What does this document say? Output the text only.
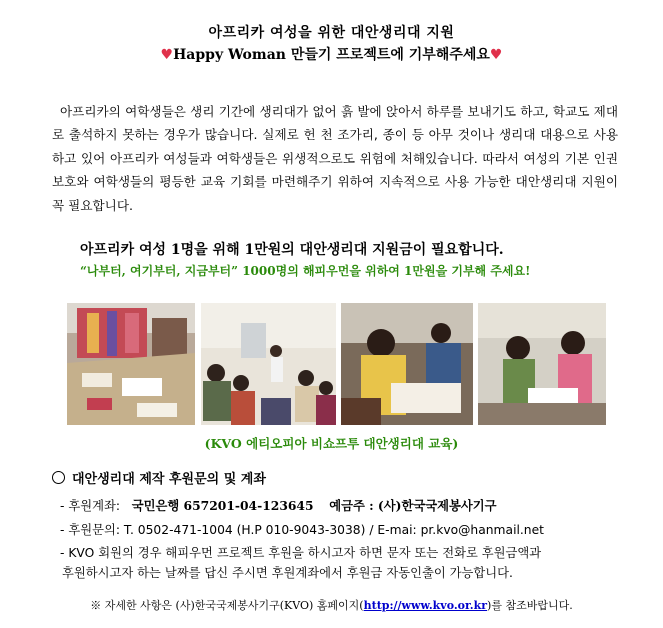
아프리카 여성을 위한 대안생리대 지원
♥Happy Woman 만들기 프로젝트에 기부해주세요♥
아프리카의 여학생들은 생리 기간에 생리대가 없어 흙 발에 앉아서 하루를 보내기도 하고, 학교도 제대로 출석하지 못하는 경우가 많습니다. 실제로 헌 천 조가리, 종이 등 아무 것이나 생리대 대용으로 사용하고 있어 아프리카 여성들과 여학생들은 위생적으로도 위험에 처해있습니다. 따라서 여성의 기본 인권 보호와 여학생들의 평등한 교육 기회를 마련해주기 위하여 지속적으로 사용 가능한 대안생리대 지원이 꼭 필요합니다.
아프리카 여성 1명을 위해 1만원의 대안생리대 지원금이 필요합니다.
“나부터, 여기부터, 지금부터” 1000명의 해피우먼을 위하여 1만원을 기부해 주세요!
(KVO 에티오피아 비쇼프투 대안생리대 교육)
대안생리대 제작 후원문의 및 계좌
- 후원계좌: 국민은행 657201-04-123645 예금주 : (사)한국국제봉사기구
- 후원문의: T. 0502-471-1004 (H.P 010-9043-3038) / E-mai: pr.kvo@hanmail.net
- KVO 회원의 경우 해피우먼 프로젝트 후원을 하시고자 하면 문자 또는 전화로 후원금액과
후원하시고자 하는 날짜를 답신 주시면 후원계좌에서 후원금 자동인출이 가능합니다.
※ 자세한 사항은 (사)한국국제봉사기구(KVO) 홈페이지(http://www.kvo.or.kr)를 참조바랍니다.
